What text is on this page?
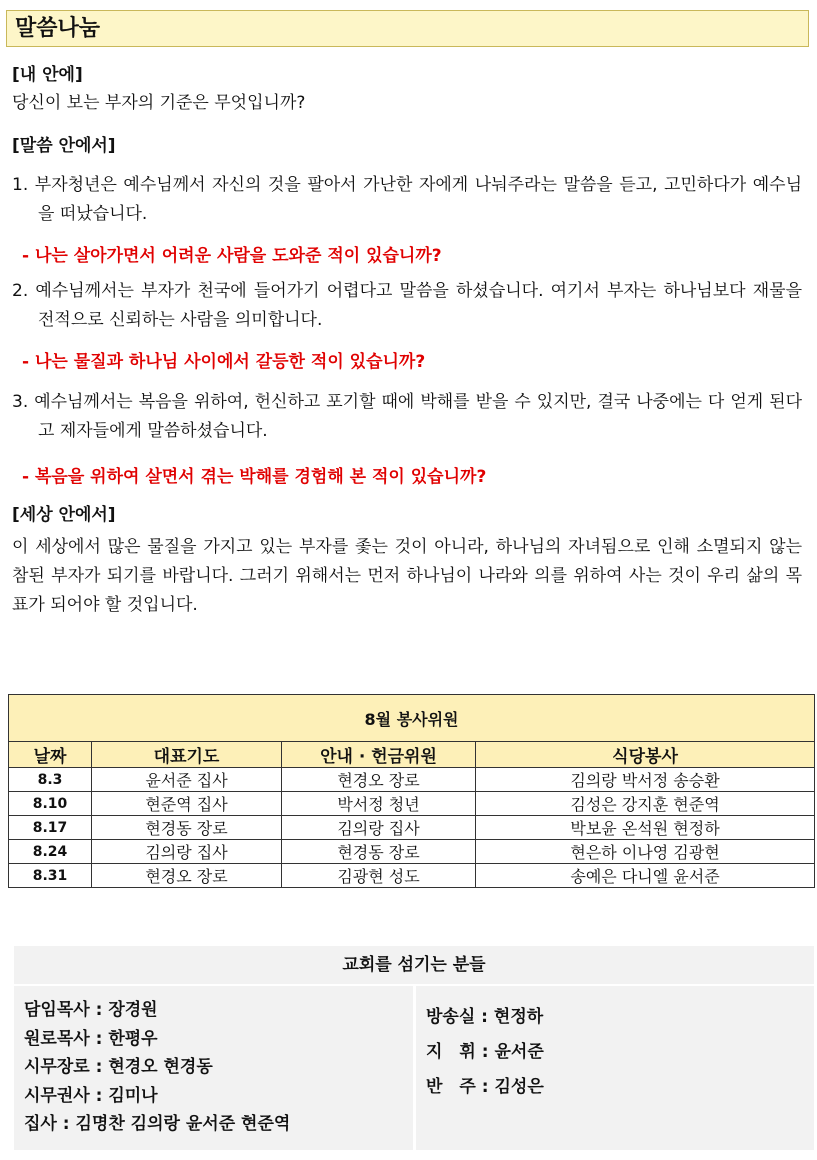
말씀나눔
[내 안에]
당신이 보는 부자의 기준은 무엇입니까?
[말씀 안에서]
1. 부자청년은 예수님께서 자신의 것을 팔아서 가난한 자에게 나눠주라는 말씀을 듣고, 고민하다가 예수님을 떠났습니다.
- 나는 살아가면서 어려운 사람을 도와준 적이 있습니까?
2. 예수님께서는 부자가 천국에 들어가기 어렵다고 말씀을 하셨습니다. 여기서 부자는 하나님보다 재물을 전적으로 신뢰하는 사람을 의미합니다.
- 나는 물질과 하나님 사이에서 갈등한 적이 있습니까?
3. 예수님께서는 복음을 위하여, 헌신하고 포기할 때에 박해를 받을 수 있지만, 결국 나중에는 다 얻게 된다고 제자들에게 말씀하셨습니다.
- 복음을 위하여 살면서 겪는 박해를 경험해 본 적이 있습니까?
[세상 안에서]
이 세상에서 많은 물질을 가지고 있는 부자를 좇는 것이 아니라, 하나님의 자녀됨으로 인해 소멸되지 않는 참된 부자가 되기를 바랍니다. 그러기 위해서는 먼저 하나님이 나라와 의를 위하여 사는 것이 우리 삶의 목표가 되어야 할 것입니다.
8월 봉사위원			
날짜	대표기도	안내 · 헌금위원	식당봉사
8.3	윤서준 집사	현경오 장로	김의랑 박서정 송승환
8.10	현준역 집사	박서정 청년	김성은 강지훈 현준역
8.17	현경동 장로	김의랑 집사	박보윤 온석원 현정하
8.24	김의랑 집사	현경동 장로	현은하 이나영 김광현
8.31	현경오 장로	김광현 성도	송예은 다니엘 윤서준
교회를 섬기는 분들
담임목사 : 장경원
원로목사 : 한평우
시무장로 : 현경오 현경동
시무권사 : 김미나
집사 : 김명찬 김의랑 윤서준 현준역
방송실 : 현정하
지　휘 : 윤서준
반　주 : 김성은
